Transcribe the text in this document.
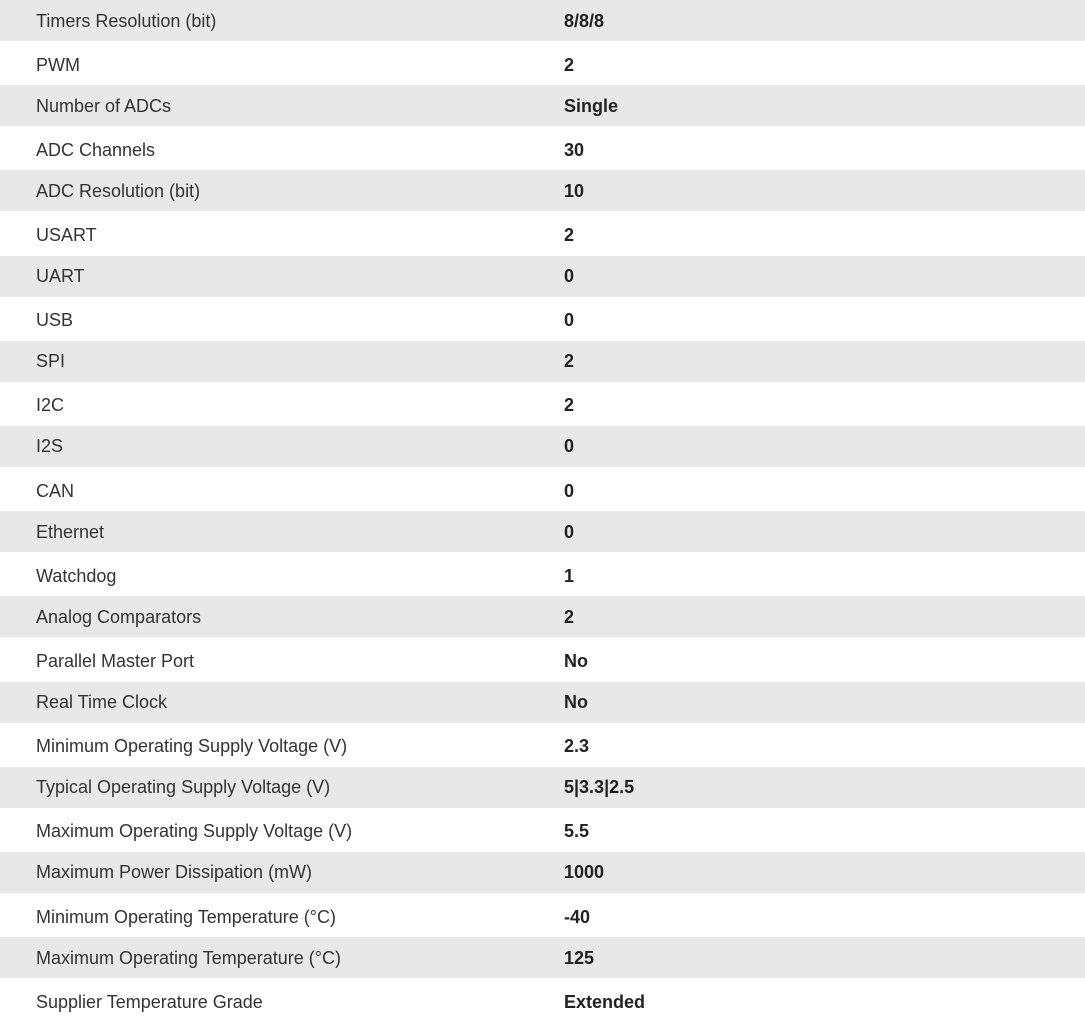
Timers Resolution (bit)	8/8/8
PWM	2
Number of ADCs	Single
ADC Channels	30
ADC Resolution (bit)	10
USART	2
UART	0
USB	0
SPI	2
I2C	2
I2S	0
CAN	0
Ethernet	0
Watchdog	1
Analog Comparators	2
Parallel Master Port	No
Real Time Clock	No
Minimum Operating Supply Voltage (V)	2.3
Typical Operating Supply Voltage (V)	5|3.3|2.5
Maximum Operating Supply Voltage (V)	5.5
Maximum Power Dissipation (mW)	1000
Minimum Operating Temperature (°C)	-40
Maximum Operating Temperature (°C)	125
Supplier Temperature Grade	Extended
